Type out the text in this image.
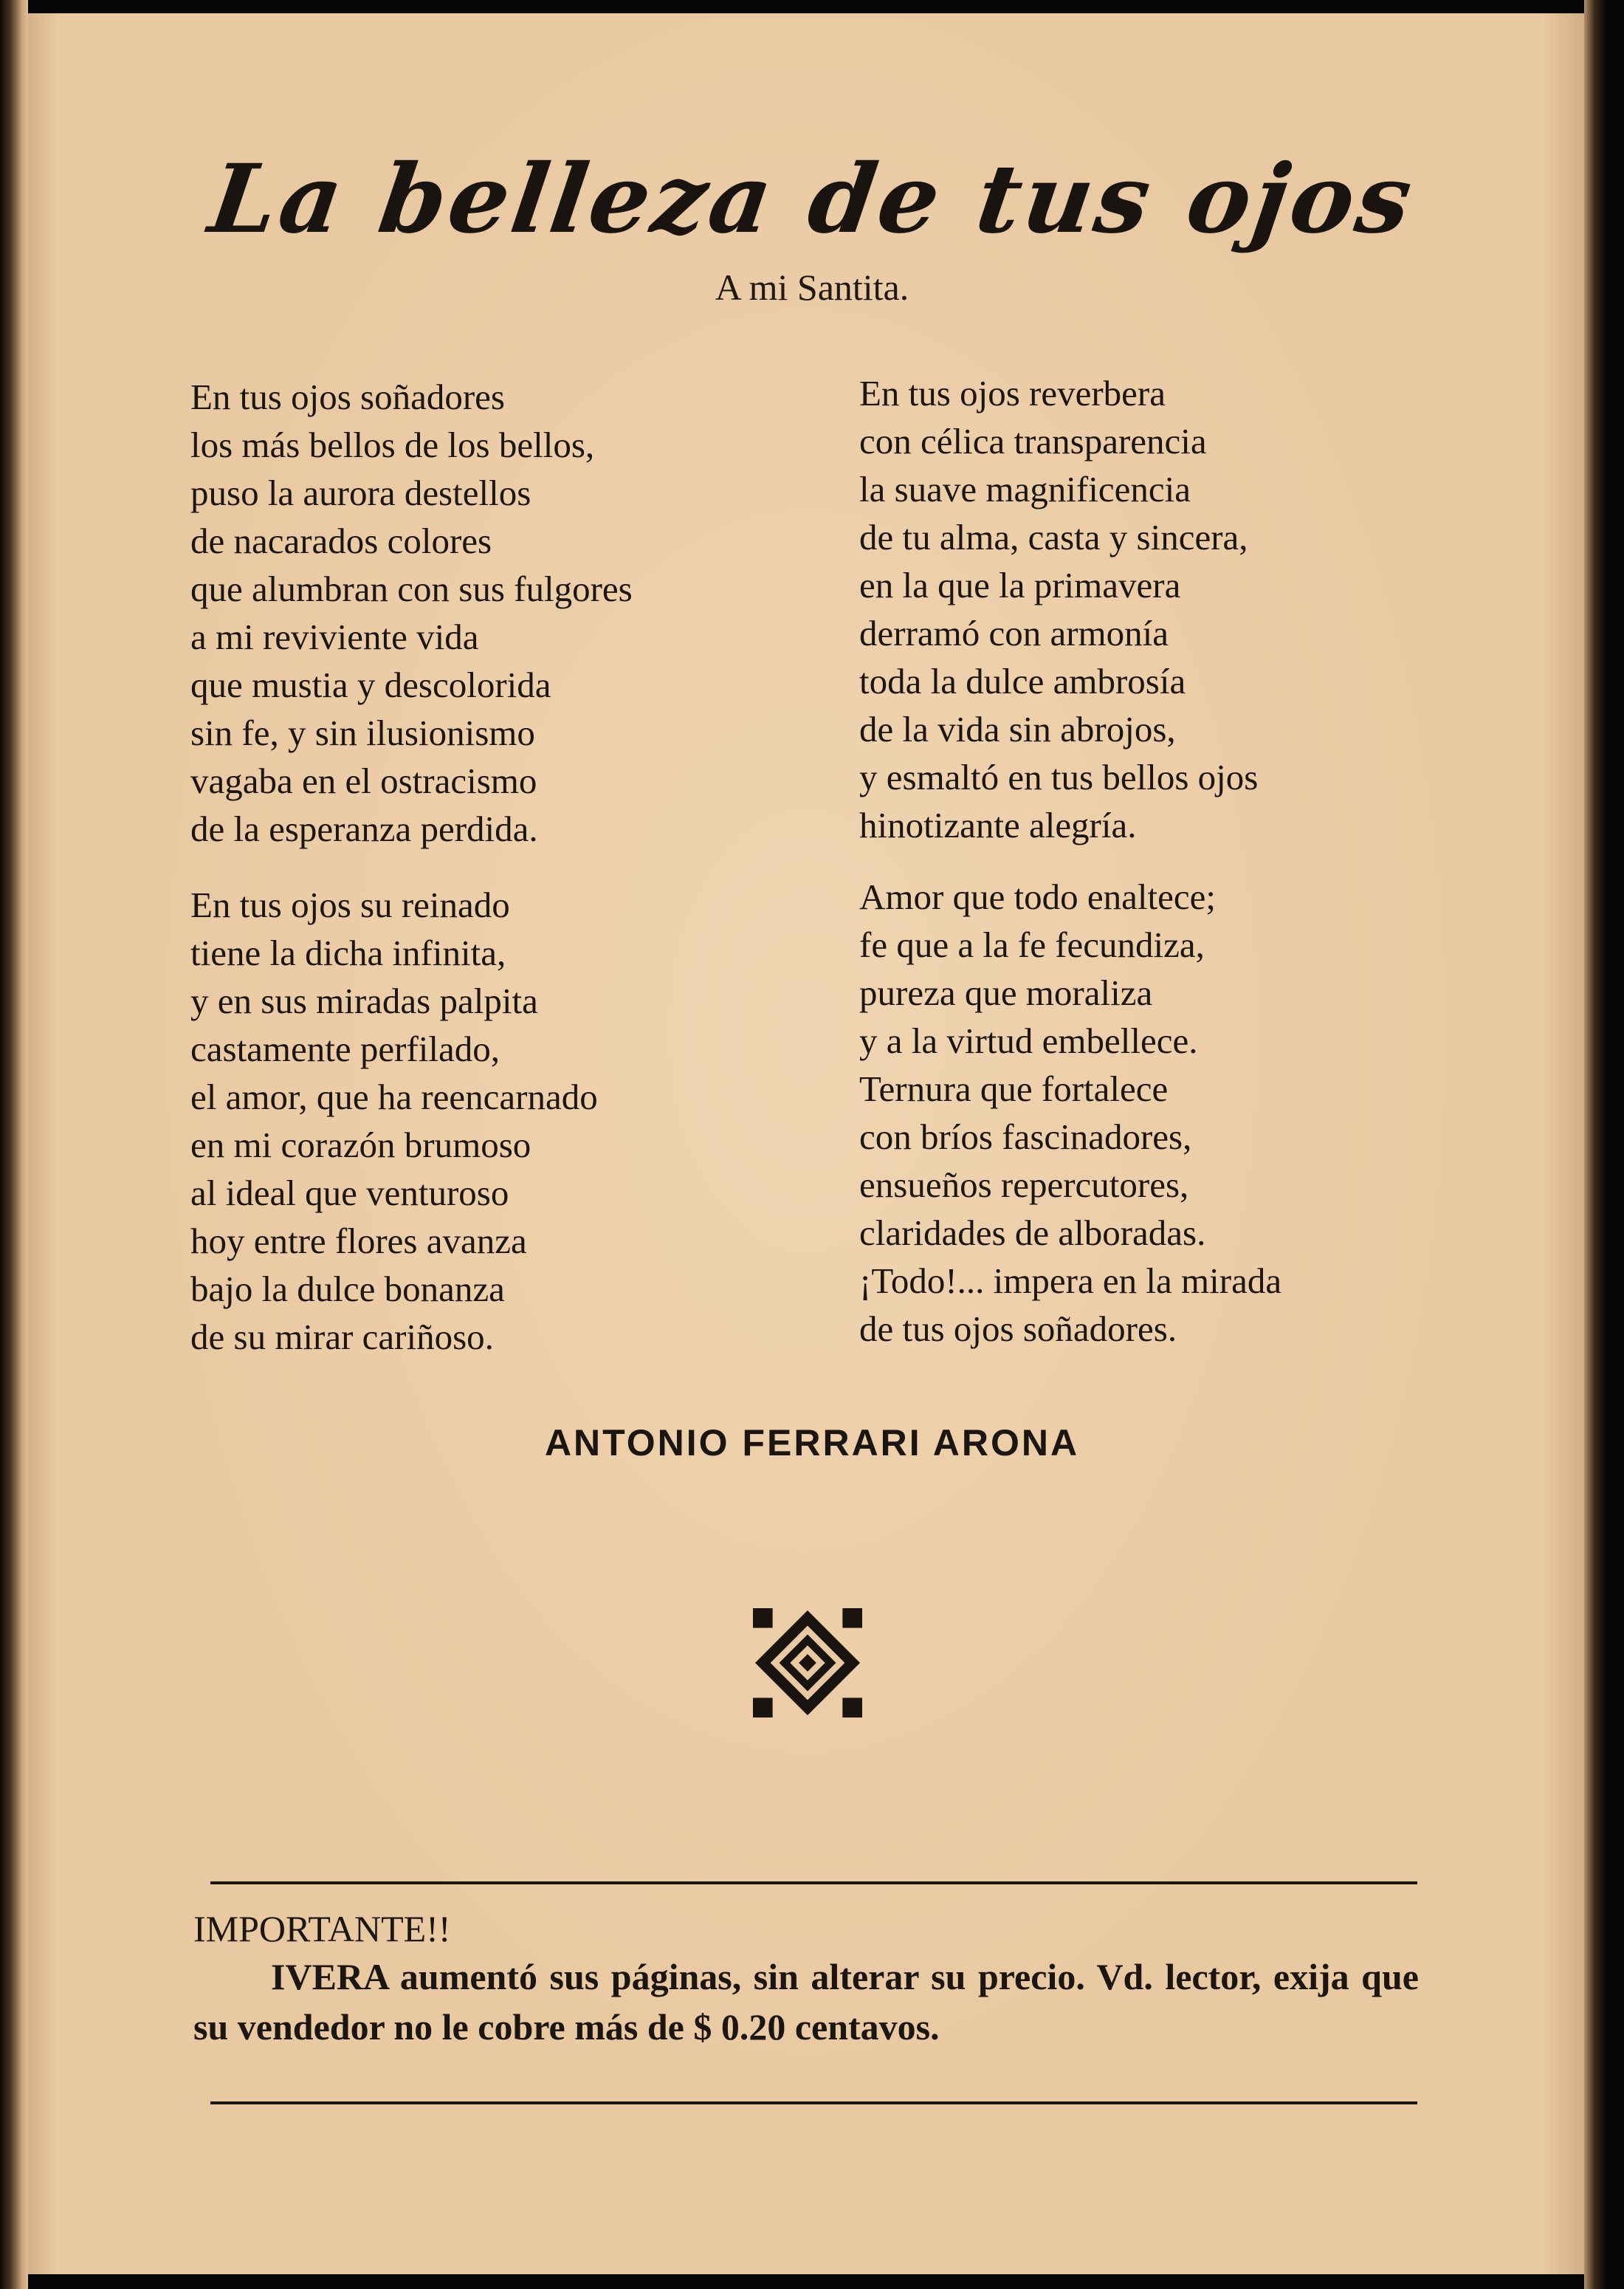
La belleza de tus ojos
A mi Santita.
En tus ojos soñadores
los más bellos de los bellos,
puso la aurora destellos
de nacarados colores
que alumbran con sus fulgores
a mi reviviente vida
que mustia y descolorida
sin fe, y sin ilusionismo
vagaba en el ostracismo
de la esperanza perdida.
En tus ojos su reinado
tiene la dicha infinita,
y en sus miradas palpita
castamente perfilado,
el amor, que ha reencarnado
en mi corazón brumoso
al ideal que venturoso
hoy entre flores avanza
bajo la dulce bonanza
de su mirar cariñoso.
En tus ojos reverbera
con célica transparencia
la suave magnificencia
de tu alma, casta y sincera,
en la que la primavera
derramó con armonía
toda la dulce ambrosía
de la vida sin abrojos,
y esmaltó en tus bellos ojos
hinotizante alegría.
Amor que todo enaltece;
fe que a la fe fecundiza,
pureza que moraliza
y a la virtud embellece.
Ternura que fortalece
con bríos fascinadores,
ensueños repercutores,
claridades de alboradas.
¡Todo!... impera en la mirada
de tus ojos soñadores.
ANTONIO FERRARI ARONA
IMPORTANTE!!
IVERA aumentó sus páginas, sin alterar su precio. Vd. lector, exija que su vendedor no le cobre más de $ 0.20 centavos.
